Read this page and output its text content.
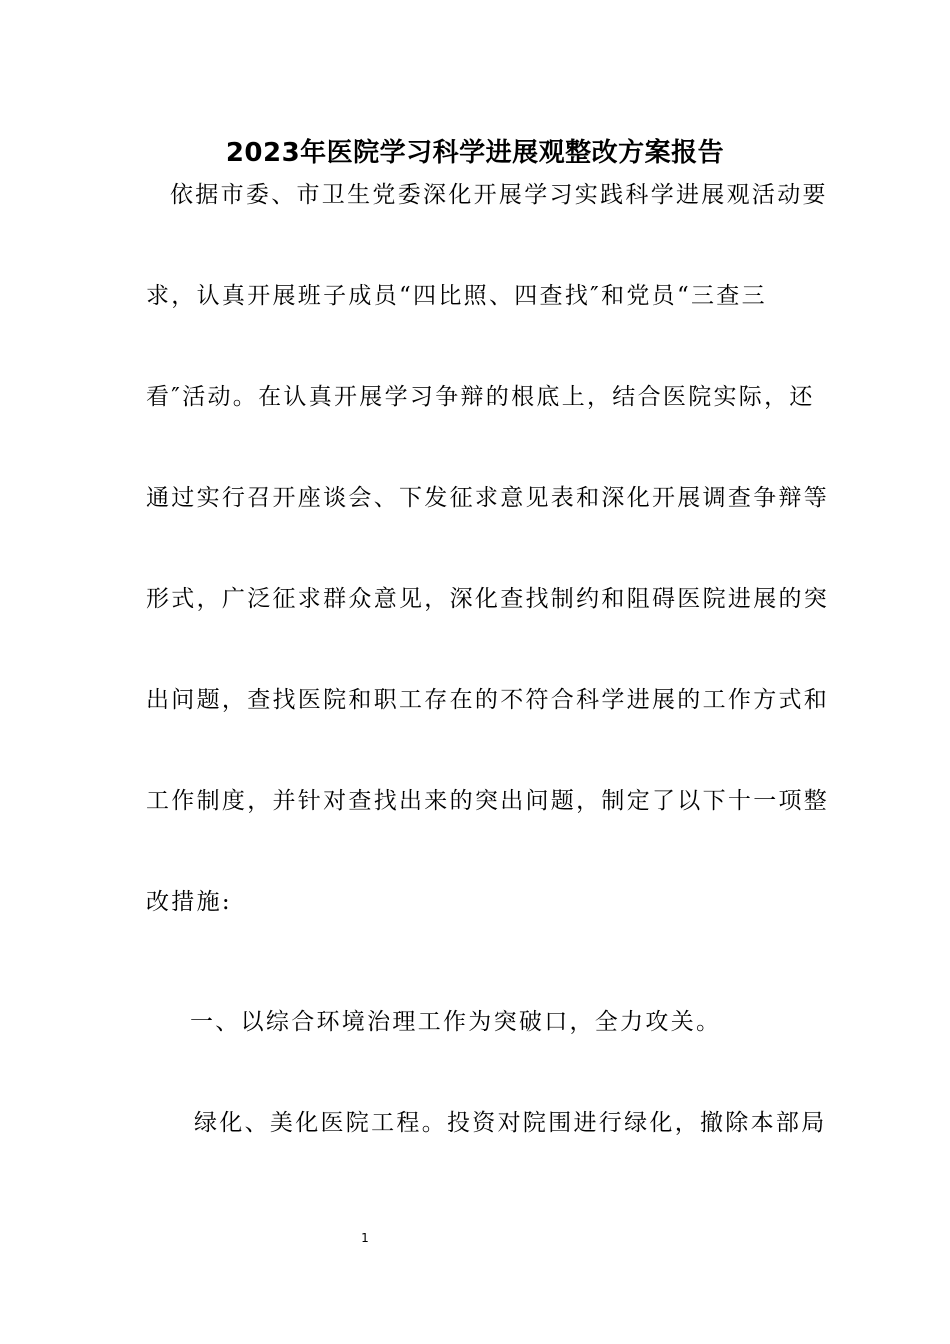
2023年医院学习科学进展观整改方案报告
依据市委、市卫生党委深化开展学习实践科学进展观活动要
求，认真开展班子成员“四比照、四查找″和党员“三查三
看″活动。在认真开展学习争辩的根底上，结合医院实际，还
通过实行召开座谈会、下发征求意见表和深化开展调查争辩等
形式，广泛征求群众意见，深化查找制约和阻碍医院进展的突
出问题，查找医院和职工存在的不符合科学进展的工作方式和
工作制度，并针对查找出来的突出问题，制定了以下十一项整
改措施:
一、以综合环境治理工作为突破口，全力攻关。
绿化、美化医院工程。投资对院围进行绿化，撤除本部局
1
